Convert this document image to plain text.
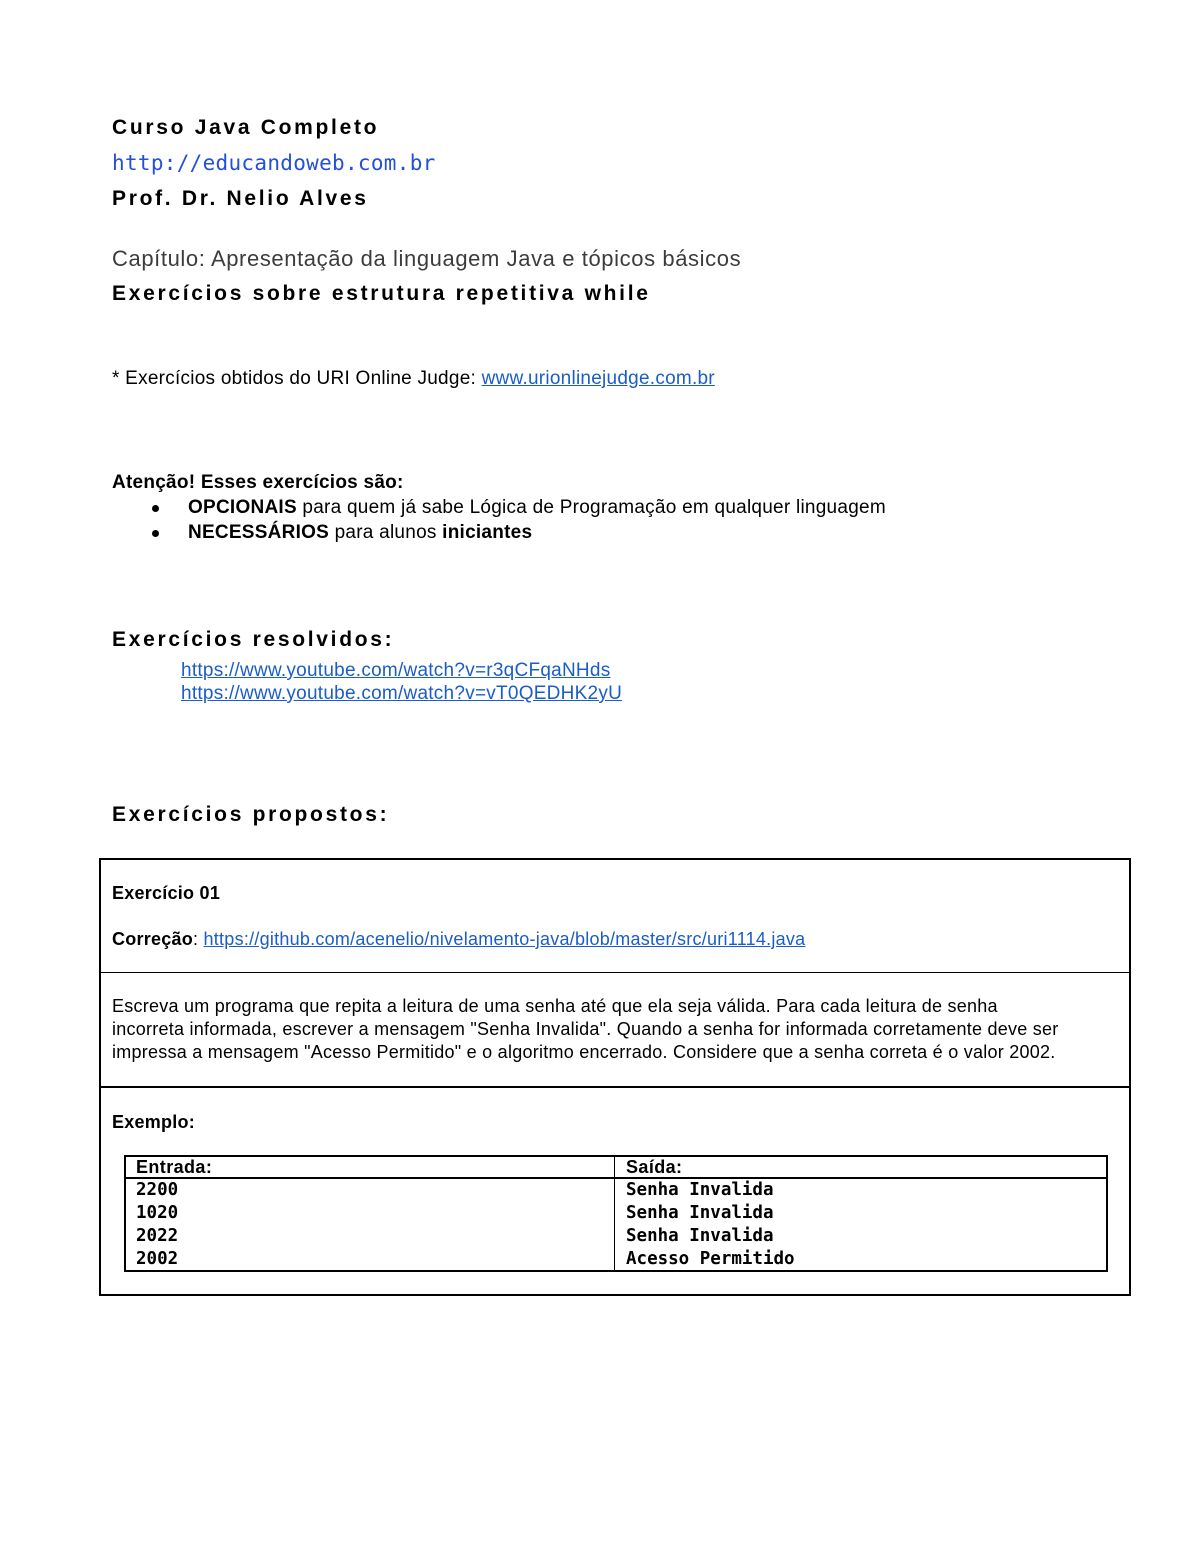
Curso Java Completo
http://educandoweb.com.br
Prof. Dr. Nelio Alves
Capítulo: Apresentação da linguagem Java e tópicos básicos
Exercícios sobre estrutura repetitiva while
* Exercícios obtidos do URI Online Judge: www.urionlinejudge.com.br
Atenção! Esses exercícios são:
OPCIONAIS para quem já sabe Lógica de Programação em qualquer linguagem
NECESSÁRIOS para alunos iniciantes
Exercícios resolvidos:
https://www.youtube.com/watch?v=r3qCFqaNHds
https://www.youtube.com/watch?v=vT0QEDHK2yU
Exercícios propostos:
Exercício 01
Correção: https://github.com/acenelio/nivelamento-java/blob/master/src/uri1114.java
Escreva um programa que repita a leitura de uma senha até que ela seja válida. Para cada leitura de senha
incorreta informada, escrever a mensagem "Senha Invalida". Quando a senha for informada corretamente deve ser
impressa a mensagem "Acesso Permitido" e o algoritmo encerrado. Considere que a senha correta é o valor 2002.
Exemplo:
Entrada:	Saída:
2200	Senha Invalida
1020	Senha Invalida
2022	Senha Invalida
2002	Acesso Permitido
